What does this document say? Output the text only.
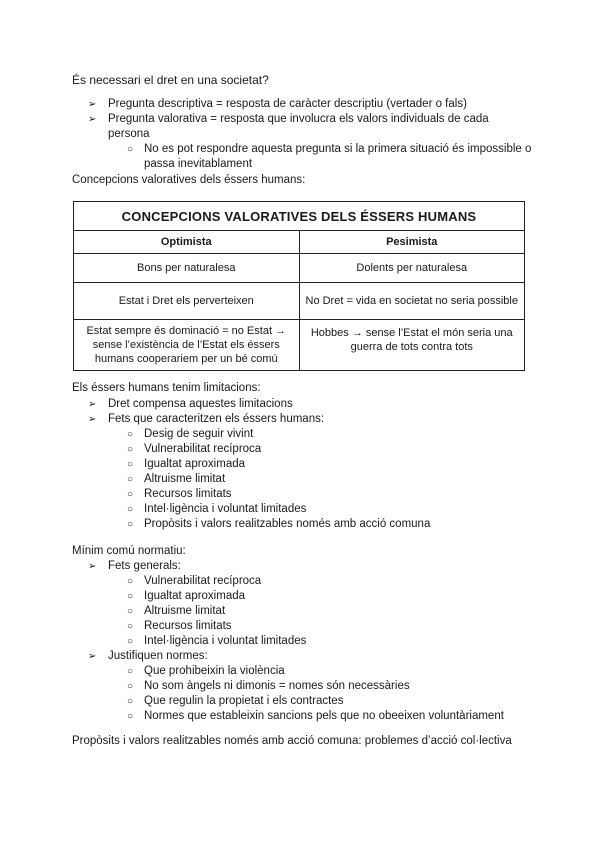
És necessari el dret en una societat?

➢ Pregunta descriptiva = resposta de caràcter descriptiu (vertader o fals)
➢ Pregunta valorativa = resposta que involucra els valors individuals de cada persona
○ No es pot respondre aquesta pregunta si la primera situació és impossible o passa inevitablament

Concepcions valoratives dels éssers humans:

CONCEPCIONS VALORATIVES DELS ÉSSERS HUMANS	
Optimista	Pesimista
Bons per naturalesa	Dolents per naturalesa
Estat i Dret els perverteixen	No Dret = vida en societat no seria possible
Estat sempre és dominació = no Estat → sense l’existència de l’Estat els éssers humans cooperariem per un bé comú	Hobbes → sense l’Estat el món seria una guerra de tots contra tots

Els éssers humans tenim limitacions:

➢ Dret compensa aquestes limitacions
➢ Fets que caracteritzen els éssers humans:
○ Desig de seguir vivint
○ Vulnerabilitat recíproca
○ Igualtat aproximada
○ Altruisme limitat
○ Recursos limitats
○ Intel·ligència i voluntat limitades
○ Propòsits i valors realitzables només amb acció comuna

Mínim comú normatiu:

➢ Fets generals:
○ Vulnerabilitat recíproca
○ Igualtat aproximada
○ Altruisme limitat
○ Recursos limitats
○ Intel·ligència i voluntat limitades
➢ Justifiquen normes:
○ Que prohibeixin la violència
○ No som àngels ni dimonis = nomes són necessàries
○ Que regulin la propietat i els contractes
○ Normes que estableixin sancions pels que no obeeixen voluntàriament

Propòsits i valors realitzables només amb acció comuna: problemes d’acció col·lectiva
